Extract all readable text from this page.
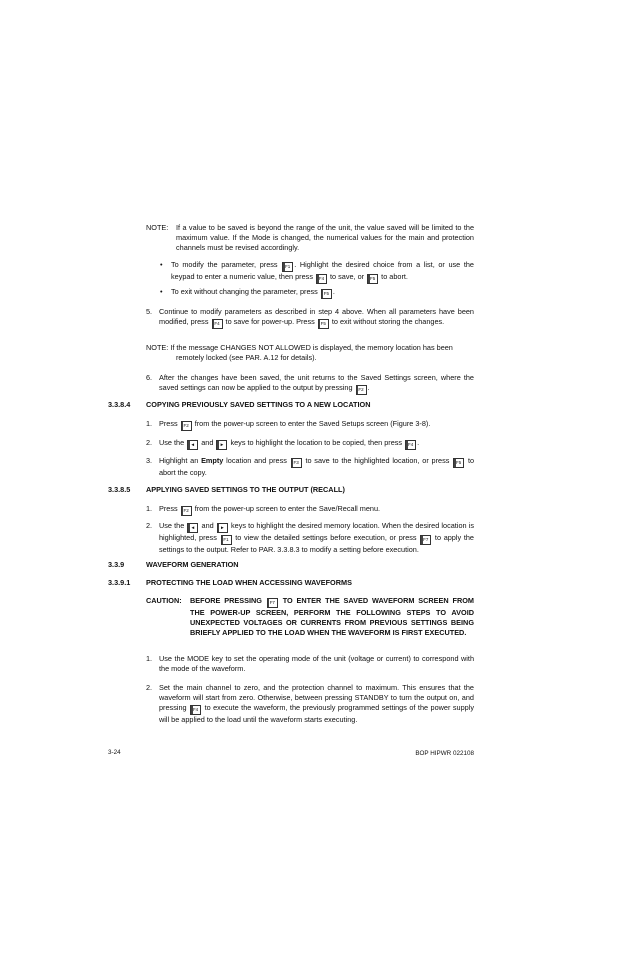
NOTE: If a value to be saved is beyond the range of the unit, the value saved will be limited to the maximum value. If the Mode is changed, the numerical values for the main and protection channels must be revised accordingly.
• To modify the parameter, press F1 . Highlight the desired choice from a list, or use the keypad to enter a numeric value, then press F4 to save, or F5 to abort.
• To exit without changing the parameter, press F5 .
5. Continue to modify parameters as described in step 4 above. When all parameters have been modified, press F4 to save for power-up. Press F5 to exit without storing the changes.
NOTE: If the message CHANGES NOT ALLOWED is displayed, the memory location has been
remotely locked (see PAR. A.12 for details).
6. After the changes have been saved, the unit returns to the Saved Settings screen, where the saved settings can now be applied to the output by pressing F2 .
3.3.8.4 COPYING PREVIOUSLY SAVED SETTINGS TO A NEW LOCATION
1. Press F2 from the power-up screen to enter the Saved Setups screen (Figure 3-8).
2. Use the ◄ and ► keys to highlight the location to be copied, then press F4 .
3. Highlight an Empty location and press F3 to save to the highlighted location, or press F5 to abort the copy.
3.3.8.5 APPLYING SAVED SETTINGS TO THE OUTPUT (RECALL)
1. Press F2 from the power-up screen to enter the Save/Recall menu.
2. Use the ◄ and ► keys to highlight the desired memory location. When the desired location is highlighted, press F1 to view the detailed settings before execution, or press F7 to apply the settings to the output. Refer to PAR. 3.3.8.3 to modify a setting before execution.
3.3.9	WAVEFORM GENERATION
3.3.9.1 PROTECTING THE LOAD WHEN ACCESSING WAVEFORMS
CAUTION: BEFORE PRESSING F7 TO ENTER THE SAVED WAVEFORM SCREEN FROM THE POWER-UP SCREEN, PERFORM THE FOLLOWING STEPS TO AVOID UNEXPECTED VOLTAGES OR CURRENTS FROM PREVIOUS SETTINGS BEING BRIEFLY APPLIED TO THE LOAD WHEN THE WAVEFORM IS FIRST EXECUTED.
1. Use the MODE key to set the operating mode of the unit (voltage or current) to correspond with the mode of the waveform.
2. Set the main channel to zero, and the protection channel to maximum. This ensures that the waveform will start from zero. Otherwise, between pressing STANDBY to turn the output on, and pressing F4 to execute the waveform, the previously programmed settings of the power supply will be applied to the load until the waveform starts executing.
3-24	BOP HIPWR 022108
